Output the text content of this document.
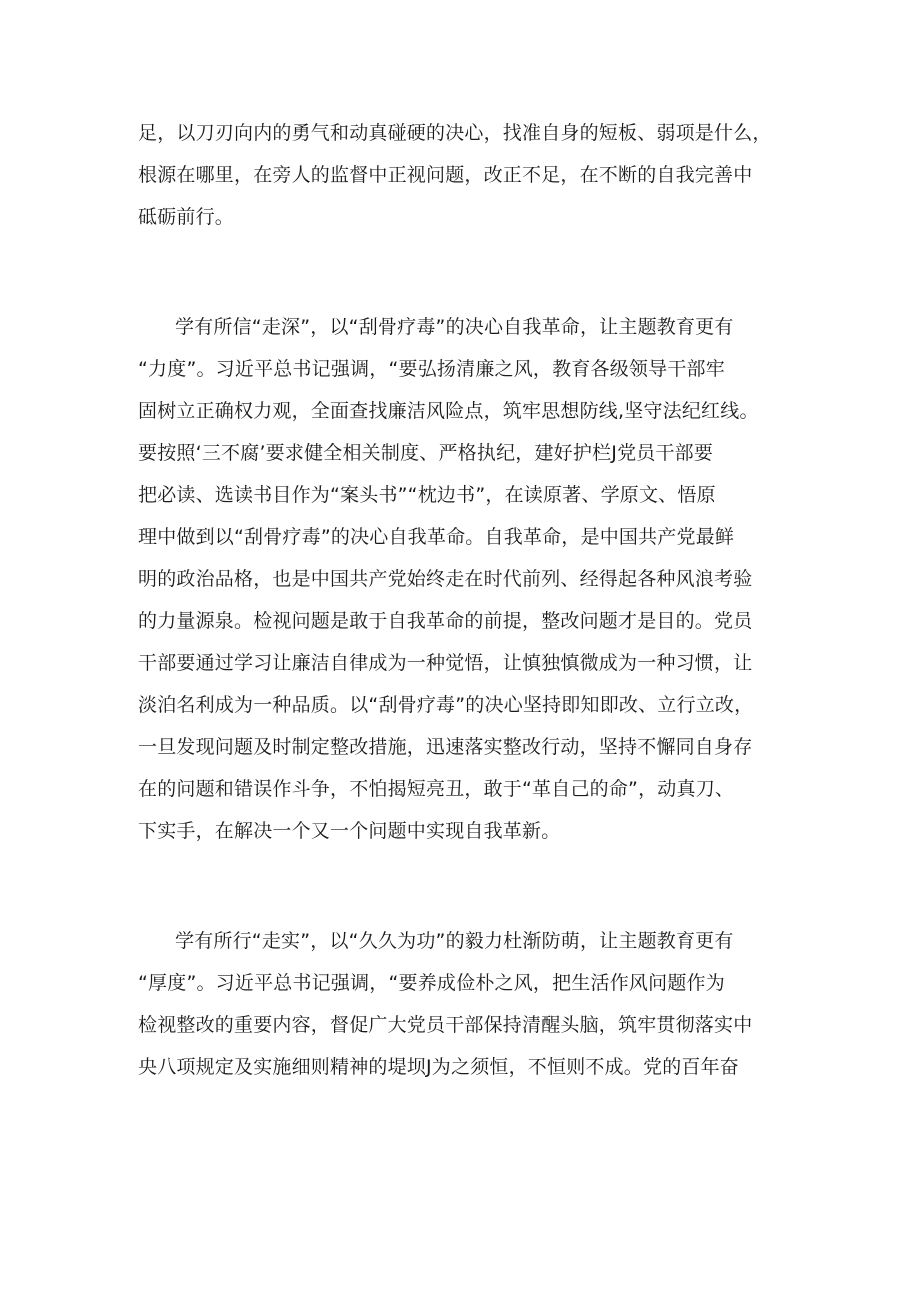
足，以刀刃向内的勇气和动真碰硬的决心，找准自身的短板、弱项是什么，
根源在哪里，在旁人的监督中正视问题，改正不足，在不断的自我完善中
砥砺前行。
学有所信“走深”，以“刮骨疗毒”的决心自我革命，让主题教育更有
“力度”。习近平总书记强调，“要弘扬清廉之风，教育各级领导干部牢
固树立正确权力观，全面查找廉洁风险点，筑牢思想防线,坚守法纪红线。
要按照‘三不腐’要求健全相关制度、严格执纪，建好护栏J党员干部要
把必读、选读书目作为“案头书”“枕边书”，在读原著、学原文、悟原
理中做到以“刮骨疗毒”的决心自我革命。自我革命，是中国共产党最鲜
明的政治品格，也是中国共产党始终走在时代前列、经得起各种风浪考验
的力量源泉。检视问题是敢于自我革命的前提，整改问题才是目的。党员
干部要通过学习让廉洁自律成为一种觉悟，让慎独慎微成为一种习惯，让
淡泊名利成为一种品质。以“刮骨疗毒”的决心坚持即知即改、立行立改，
一旦发现问题及时制定整改措施，迅速落实整改行动，坚持不懈同自身存
在的问题和错误作斗争，不怕揭短亮丑，敢于“革自己的命”，动真刀、
下实手，在解决一个又一个问题中实现自我革新。
学有所行“走实”，以“久久为功”的毅力杜渐防萌，让主题教育更有
“厚度”。习近平总书记强调，“要养成俭朴之风，把生活作风问题作为
检视整改的重要内容，督促广大党员干部保持清醒头脑，筑牢贯彻落实中
央八项规定及实施细则精神的堤坝J为之须恒，不恒则不成。党的百年奋
